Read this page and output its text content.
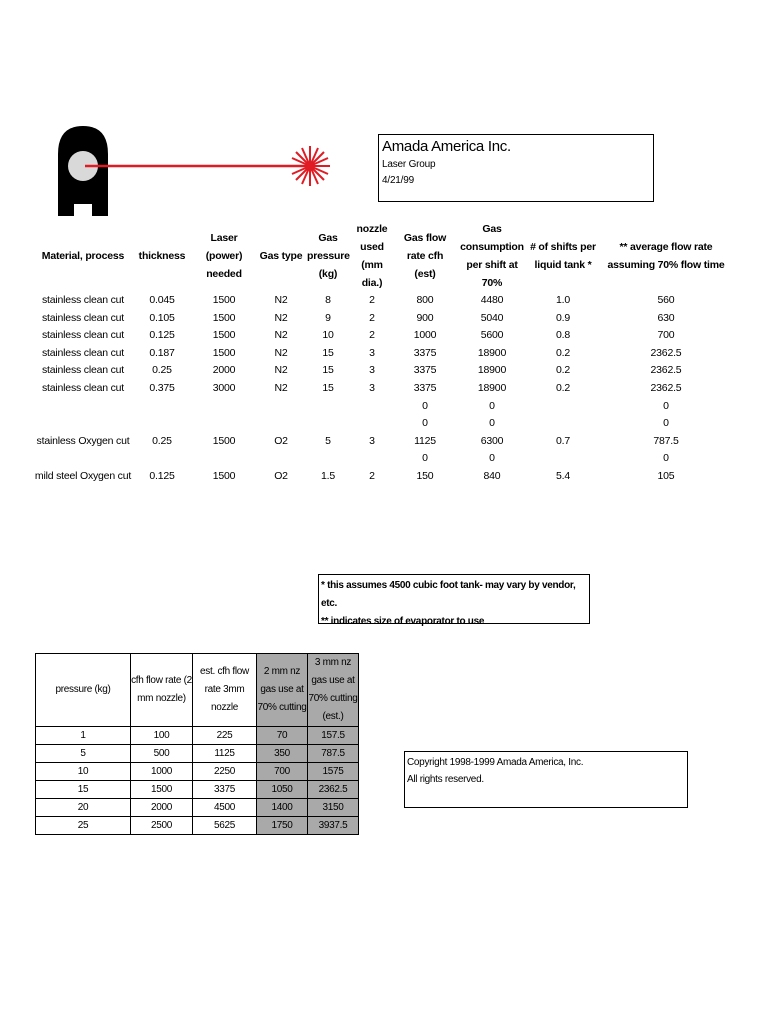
Amada America Inc.
Laser Group
4/21/99
Material, process	thickness	Laser (power) needed	Gas type	Gas pressure (kg)	nozzle used (mm dia.)	Gas flow rate cfh (est)	Gas consumption per shift at 70%	# of shifts per liquid tank *	** average flow rate assuming 70% flow time
stainless clean cut	0.045	1500	N2	8	2	800	4480	1.0	560
stainless clean cut	0.105	1500	N2	9	2	900	5040	0.9	630
stainless clean cut	0.125	1500	N2	10	2	1000	5600	0.8	700
stainless clean cut	0.187	1500	N2	15	3	3375	18900	0.2	2362.5
stainless clean cut	0.25	2000	N2	15	3	3375	18900	0.2	2362.5
stainless clean cut	0.375	3000	N2	15	3	3375	18900	0.2	2362.5
						0	0		0
						0	0		0
stainless Oxygen cut	0.25	1500	O2	5	3	1125	6300	0.7	787.5
						0	0		0
mild steel Oxygen cut	0.125	1500	O2	1.5	2	150	840	5.4	105
* this assumes 4500 cubic foot tank- may vary by vendor, etc.
** indicates size of evaporator to use
pressure (kg)	cfh flow rate (2 mm nozzle)	est. cfh flow rate 3mm nozzle	2 mm nz gas use at 70% cutting	3 mm nz gas use at 70% cutting (est.)
1	100	225	70	157.5
5	500	1125	350	787.5
10	1000	2250	700	1575
15	1500	3375	1050	2362.5
20	2000	4500	1400	3150
25	2500	5625	1750	3937.5
Copyright 1998-1999 Amada America, Inc.
All rights reserved.
